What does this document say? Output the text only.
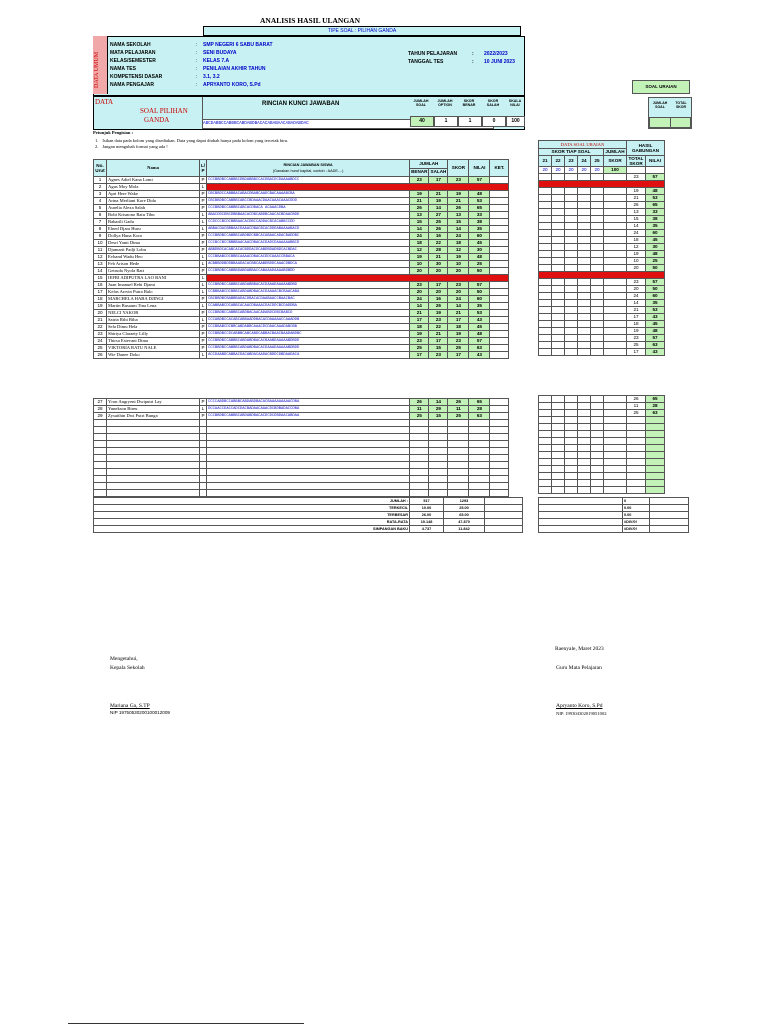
ANALISIS HASIL ULANGAN
TIPE SOAL : PILIHAN GANDA
DATA UMUM
NAMA SEKOLAH	: SMP NEGERI 6 SABU BARAT
MATA PELAJARAN	: SENI BUDAYA
KELAS/SEMESTER	: KELAS 7.A
NAMA TES	: PENILAIAN AKHIR TAHUN
KOMPETENSI DASAR	: 3.1, 3.2
NAMA PENGAJAR	: APRYANTO KORO, S.Pd
TAHUN PELAJARAN	: 2022/2023
TANGGAL TES	: 10 JUNI 2023
SOAL URAIAN
DATA
SOAL PILIHAN
GANDA
RINCIAN KUNCI JAWABAN
ABCDABBCCABBBCABDABDBACACABABAACABADABDAC
JUMLAH SOAL
JUMLAH OPTION
SKOR BENAR
SKOR SALAH
SKALA NILAI
40	1	1	0	100
JUMLAH SOAL
TOTAL SKOR
Petunjuk Pengisian :
1. Isikan data pada kolom yang disediakan. Data yang dapat diubah hanya pada kolom yang tercetak biru.
2. Jangan mengubah format yang ada !
No. Urut	Nama	L/ P	RINCIAN JAWABAN SISWA
(Ganakan huruf kapital, contoh : AADE....)	JUMLAH		SKOR	NILAI	KET.
				BENAR	SALAH			
1	Agnes Adiel Kana Lomi	P	CCCBBDBCCABBBCDBDABBBCCACDBACDCDAAAABDCC	23	17	23	57	
2	Agus Moy Mola	L						
3	Apri Here Wake	P	CBCBBDCCABBBACABACDBABCAADCBACAAAABCBA	19	21	19	48	
4	Arina Merliani Kore Dida	P	CBCBBDBCCABBBCABCCBDAAACDAACAAACAAACDDD	21	19	21	53	
5	Aurelia Alexa Salah	P	CCCBBDBCCABBBCABCACDBACA ACAAACDBA	26	14	26	65	
6	Bobi Krisnono Ratu Tibu	L	ABACDDCDBCDBBBAACACDBCABDBCAACACBDAACBDD	13	27	13	33	
7	Baharili Gadu	L	CCDCCCBCDCBBBAACACDBCCADDACBCACABBCCDD	15	25	15	38	
8	Elned Djara Huru	L	ABBACDACBBBAACDAAACDBACBCACDDDABAAAABACD	14	26	14	35	
9	Dollya Huna Koro	P	CCCBBDBCCABBBCABDBDCBBCACABAACADACBADDBC	24	16	24	60	
10	Desri Yanti Dima	P	CCCBCCBCCBBBBAACAACDBACACDADCDAAAAAABBCD	18	22	18	45	
11	Djumarti Padji Lobu	P	ABBDBDCACABCACACBDDACDCABDBDADBDCACBDAC	12	28	12	30	
12	Evhand Wadu Heo	L	CCCBBABCDCBBBCAAAACDBACACDDCAAACCBBACA	19	21	19	48	
13	Feb Arison Hede	L	ACBBBDDBDDBBAADACACBBCAABDBDDCAAACDBDCA	10	30	10	25	
14	Getruda Nyola Ratt	P	CCCBBDBCCABBBDABDABBACCABAAADAAAABDBDD	20	20	20	50	
15	IEFRI ADIPUTRA LAO BANI	L						
16	Juan Imanuel Rehi Djami	L	CCCBBDBCCABBBCABDABBBACACDAAADAAAAABDBD	23	17	23	57	
17	Kefas Arrvin Putra Balo	L	CCBBBABCDCBBBCABDABDBACACDAAAACBCBAACABA	20	20	20	50	
18	MARCHELA HABA DJINGI	P	CBCBBDBCBABBBADACDBACACDAABAACCBAACBAC	24	16	24	60	
19	Martin Busaum Tina Lena	L	CCABBABCDCABBCACAACDBAAACDACDDCBCDADDBA	14	26	14	35	
20	NELCI YAKOB	P	CCCBBDBCCABBBCABDBACAACADABDCDBCBABCD	21	19	21	53	
21	Sairia Rihi Biha	L	CCCABDBCCACABCABBAADDBACACDAAAAACCAAADDB	17	23	17	43	
22	Sela Dimu Hela	P	CCCBBABCDCBBCABDABBCAAACDCDAACAAADABCBB	18	22	18	45	
23	Shiriya Claraety Lilly	P	CCCBBDBCCDCABBBCABCABDCABBACBAACBAADABDBC	19	21	19	48	
24	Thirsa Estevani Dima	P	CCCBBDBCCABBBCABDABDBACACBAABDAAAAABDBDD	23	17	23	57	
25	VIKTORIA RATU NALE	P	CCCBBDBCCABBBCABDABDBACACDAAADAAAAABDBDD	25	15	25	63	
26	Wie Danee Doko	L	ACCDAABDCABBACDACABDACAADACBDDCDBDAADACA	17	23	17	43	

27	Yron Angryeni Dwiputri Lay	P	CCCCABDBCCABBBCABDABDBACACBAAAAAAAAACDBA	26	14	26	65	
28	Yunekson Bireu	L	DCCAACCDACCADCDACBADAACAAACDCBDBADACCDBA	11	29	11	28	
29	Zysaithin Dwi Putri Bunga	P	CCCBBDBCCABBBCABDABDBACACDCDCDBDAACABDAA	25	15	25	63	

DATA SOAL URAIAN						HASIL GABUNGAN	
SKOR TIAP SOAL					JUMLAH		
21	22	23	24	25	SKOR	TOTAL SKOR	NILAI
20	20	20	20	20	100		
						23	57

						19	48
						21	53
						26	65
						13	33
						15	38
						14	35
						24	60
						18	45
						12	30
						19	48
						10	25
						20	50

						23	57
						20	50
						24	60
						14	35
						21	53
						17	43
						18	45
						19	48
						23	57
						25	63
						17	43

						26	65
						11	28
						25	63

JUMLAH :	517	1293	
TERKECIL	10.00	25.00	
TERBESAR	26.00	65.00	
RATA-RATA	19.148	47.870	
SIMPANGAN BAKU	4.737	11.842	
	0	
	0.00	
	0.00	
	#DIV/0!	
	#DIV/0!	
Raenyale, Maret 2023
Mengetahui,
Kepala Sekolah	Guru Mata Pelajaran
Mariana Ga, S.TP
NIP 19750530200100012009
Apryanto Koro, S.Pd
NIP. 199304302019051002
